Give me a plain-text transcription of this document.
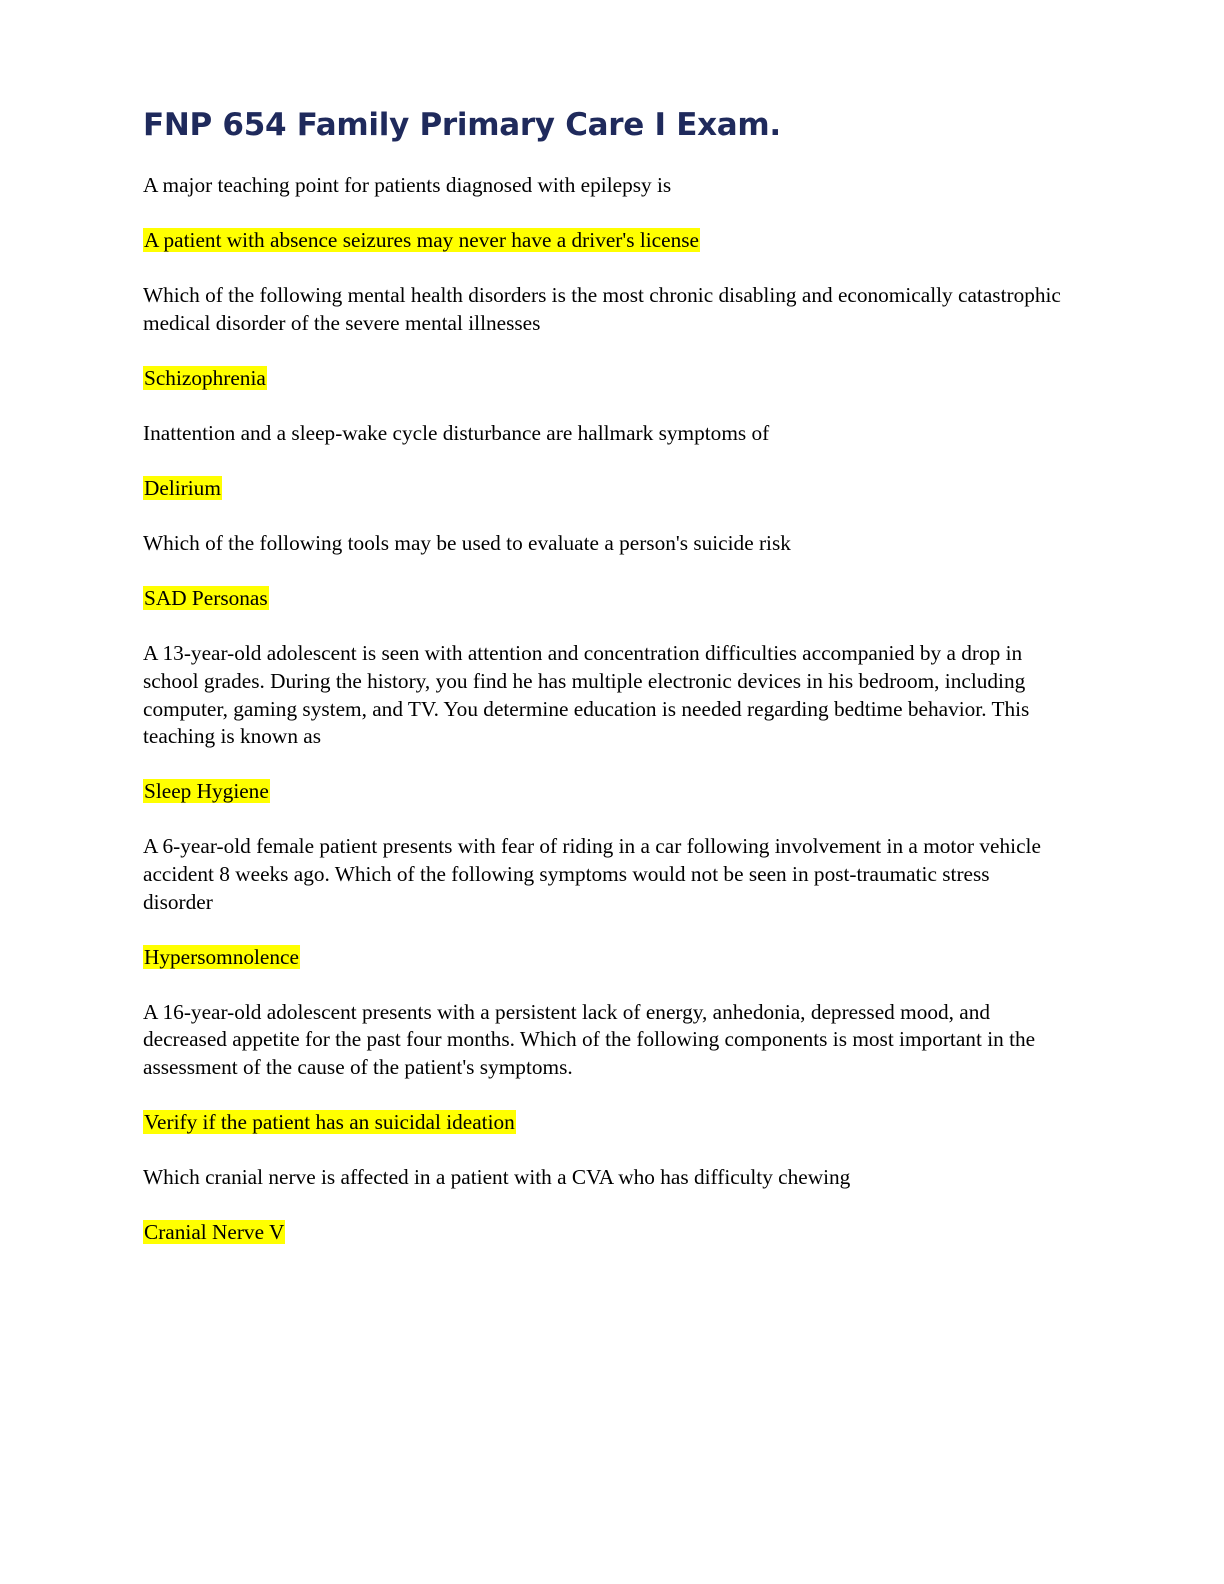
FNP 654 Family Primary Care I Exam.

A major teaching point for patients diagnosed with epilepsy is

A patient with absence seizures may never have a driver's license

Which of the following mental health disorders is the most chronic disabling and economically catastrophic medical disorder of the severe mental illnesses

Schizophrenia

Inattention and a sleep-wake cycle disturbance are hallmark symptoms of

Delirium

Which of the following tools may be used to evaluate a person's suicide risk

SAD Personas

A 13-year-old adolescent is seen with attention and concentration difficulties accompanied by a drop in school grades. During the history, you find he has multiple electronic devices in his bedroom, including computer, gaming system, and TV. You determine education is needed regarding bedtime behavior. This teaching is known as

Sleep Hygiene

A 6-year-old female patient presents with fear of riding in a car following involvement in a motor vehicle accident 8 weeks ago. Which of the following symptoms would not be seen in post-traumatic stress disorder

Hypersomnolence

A 16-year-old adolescent presents with a persistent lack of energy, anhedonia, depressed mood, and decreased appetite for the past four months. Which of the following components is most important in the assessment of the cause of the patient's symptoms.

Verify if the patient has an suicidal ideation

Which cranial nerve is affected in a patient with a CVA who has difficulty chewing

Cranial Nerve V
